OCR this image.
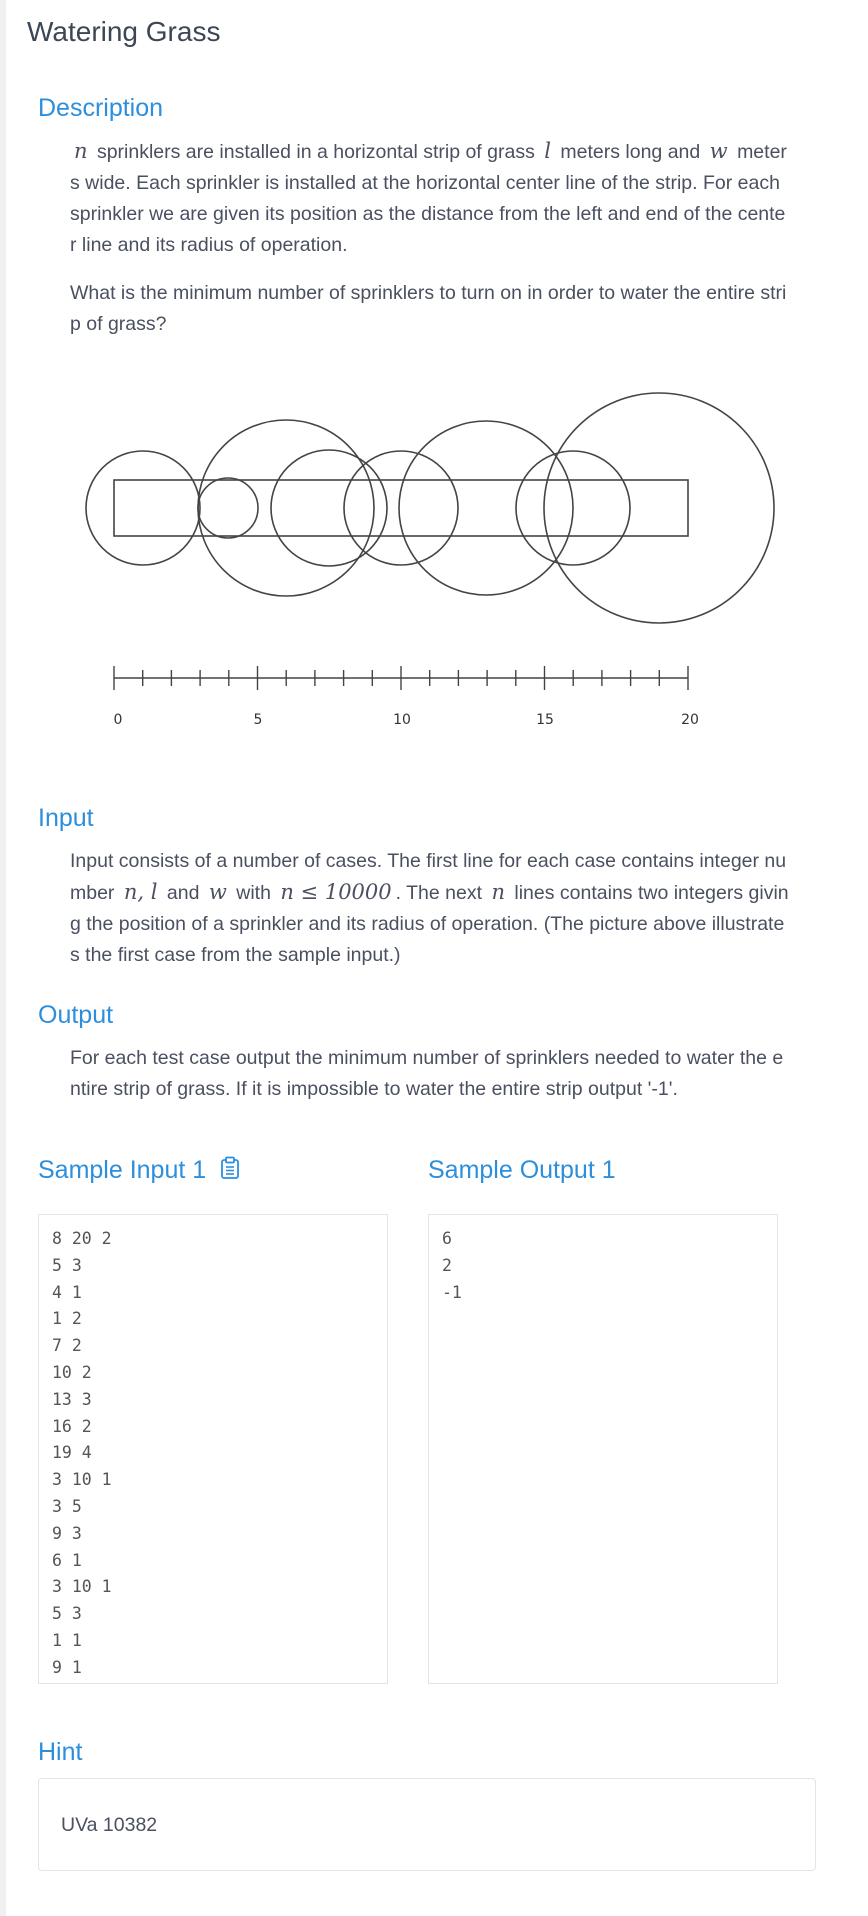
Watering Grass
Description

n sprinklers are installed in a horizontal strip of grass l meters long and w meters wide. Each sprinkler is installed at the horizontal center line of the strip. For each sprinkler we are given its position as the distance from the left and end of the center line and its radius of operation.

What is the minimum number of sprinklers to turn on in order to water the entire strip of grass?

0	5	10	15	20
Input

Input consists of a number of cases. The first line for each case contains integer number n, l and w with n ≤ 10000 . The next n lines contains two integers giving the position of a sprinkler and its radius of operation. (The picture above illustrates the first case from the sample input.)

Output

For each test case output the minimum number of sprinklers needed to water the entire strip of grass. If it is impossible to water the entire strip output '-1'.

Sample Input 1	Sample Output 1
8 20 2
5 3
4 1
1 2
7 2
10 2
13 3
16 2
19 4
3 10 1
3 5
9 3
6 1
3 10 1
5 3
1 1
9 1
6
2
-1
Hint
UVa 10382
